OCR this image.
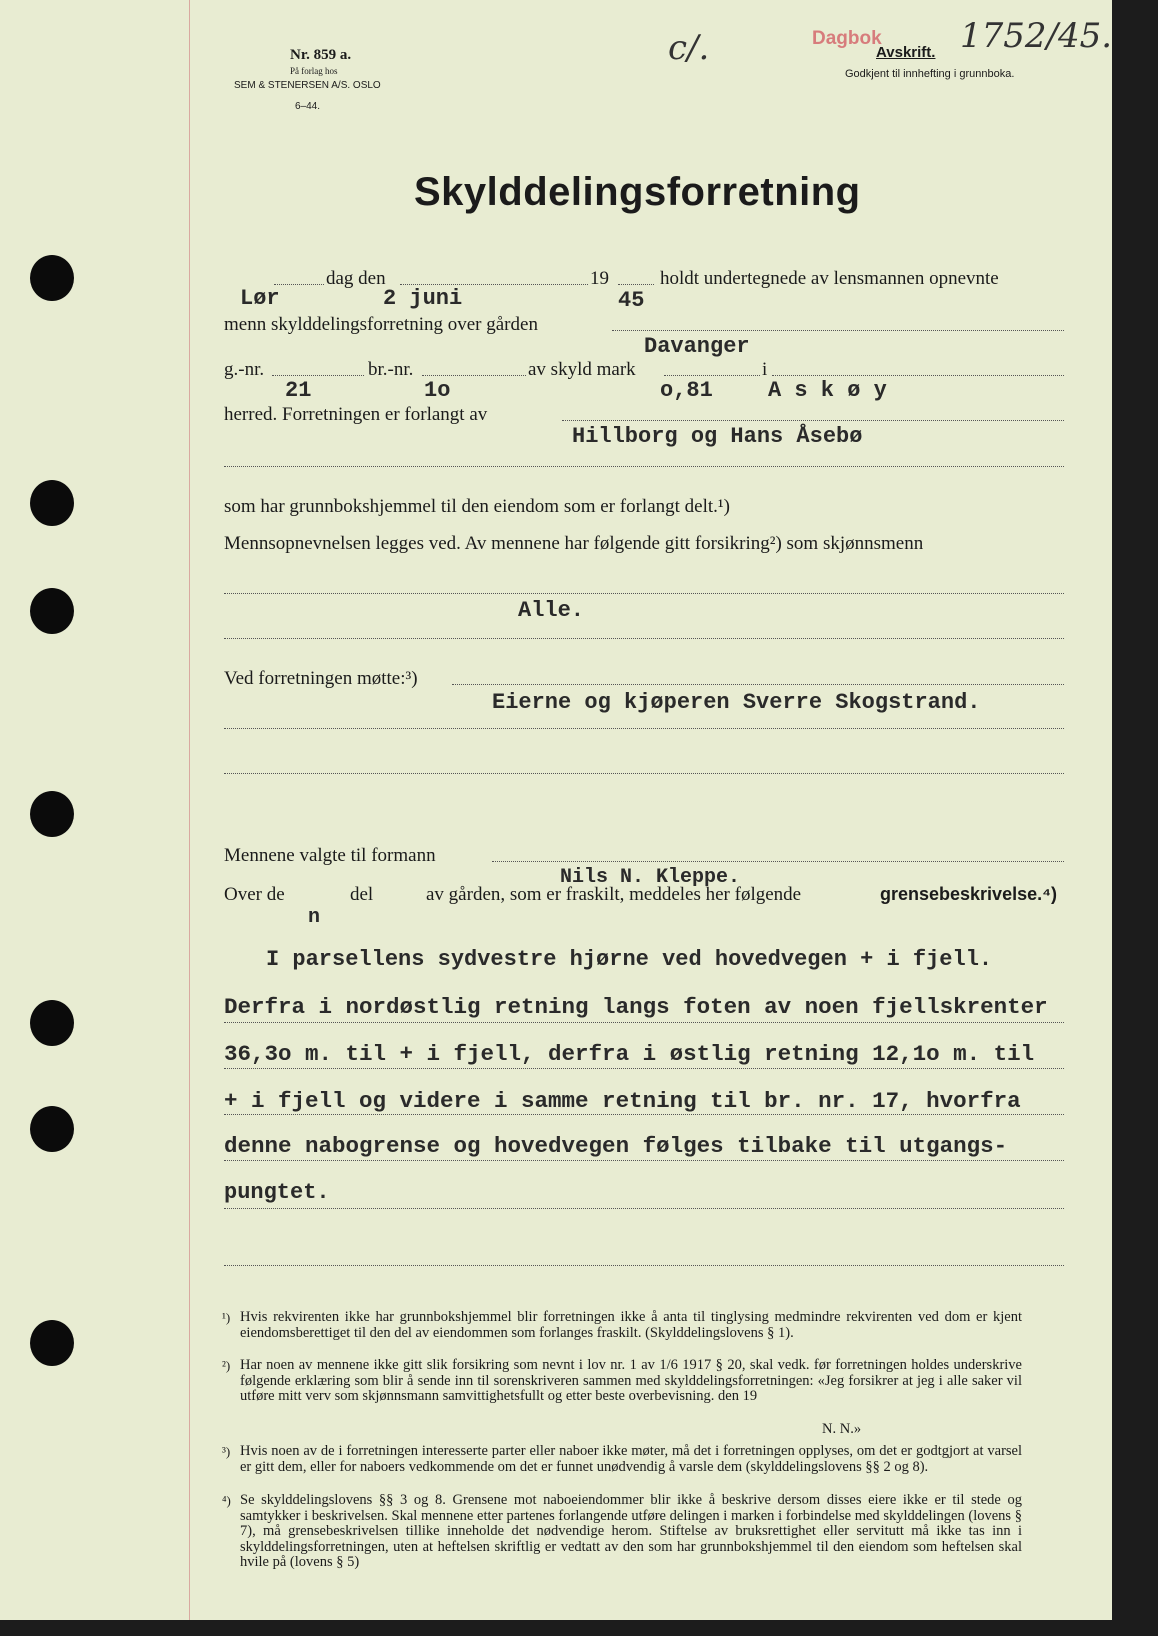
Nr. 859 a.
På forlag hos
SEM & STENERSEN A/S. OSLO
6–44.
c/.	Dagbok
Avskrift.
Godkjent til innhefting i grunnboka.
1752/45.
Skylddelingsforretning
dag den	19	holdt undertegnede av lensmannen opnevnte
Lør	2 juni	45
menn skylddelingsforretning over gården
Davanger
g.-nr.	br.-nr.	av skyld mark	i
21	1o	o,81	A s k ø y
herred. Forretningen er forlangt av
Hillborg og Hans Åsebø
som har grunnbokshjemmel til den eiendom som er forlangt delt.¹)
Mennsopnevnelsen legges ved. Av mennene har følgende gitt forsikring²) som skjønnsmenn
Alle.
Ved forretningen møtte:³)
Eierne og kjøperen Sverre Skogstrand.
Mennene valgte til formann
Nils N. Kleppe.
Over de
n
del	av gården, som er fraskilt, meddeles her følgende	grensebeskrivelse.⁴)
I parsellens sydvestre hjørne ved hovedvegen + i fjell.
Derfra i nordøstlig retning langs foten av noen fjellskrenter
36,3o m. til + i fjell, derfra i østlig retning 12,1o m. til
+ i fjell og videre i samme retning til br. nr. 17, hvorfra
denne nabogrense og hovedvegen følges tilbake til utgangs-
pungtet.
¹) Hvis rekvirenten ikke har grunnbokshjemmel blir forretningen ikke å anta til tinglysing medmindre rekvirenten ved dom er kjent eiendomsberettiget til den del av eiendommen som forlanges fraskilt. (Skylddelingslovens § 1).
²) Har noen av mennene ikke gitt slik forsikring som nevnt i lov nr. 1 av 1/6 1917 § 20, skal vedk. før forretningen holdes underskrive følgende erklæring som blir å sende inn til sorenskriveren sammen med skylddelingsforretningen: «Jeg forsikrer at jeg i alle saker vil utføre mitt verv som skjønnsmann samvittighetsfullt og etter beste overbevisning. den 19
N. N.»
³) Hvis noen av de i forretningen interesserte parter eller naboer ikke møter, må det i forretningen opplyses, om det er godtgjort at varsel er gitt dem, eller for naboers vedkommende om det er funnet unødvendig å varsle dem (skylddelingslovens §§ 2 og 8).
⁴) Se skylddelingslovens §§ 3 og 8. Grensene mot naboeiendommer blir ikke å beskrive dersom disses eiere ikke er til stede og samtykker i beskrivelsen. Skal mennene etter partenes forlangende utføre delingen i marken i forbindelse med skylddelingen (lovens § 7), må grensebeskrivelsen tillike inneholde det nødvendige herom. Stiftelse av bruksrettighet eller servitutt må ikke tas inn i skylddelingsforretningen, uten at heftelsen skriftlig er vedtatt av den som har grunnbokshjemmel til den eiendom som heftelsen skal hvile på (lovens § 5)
